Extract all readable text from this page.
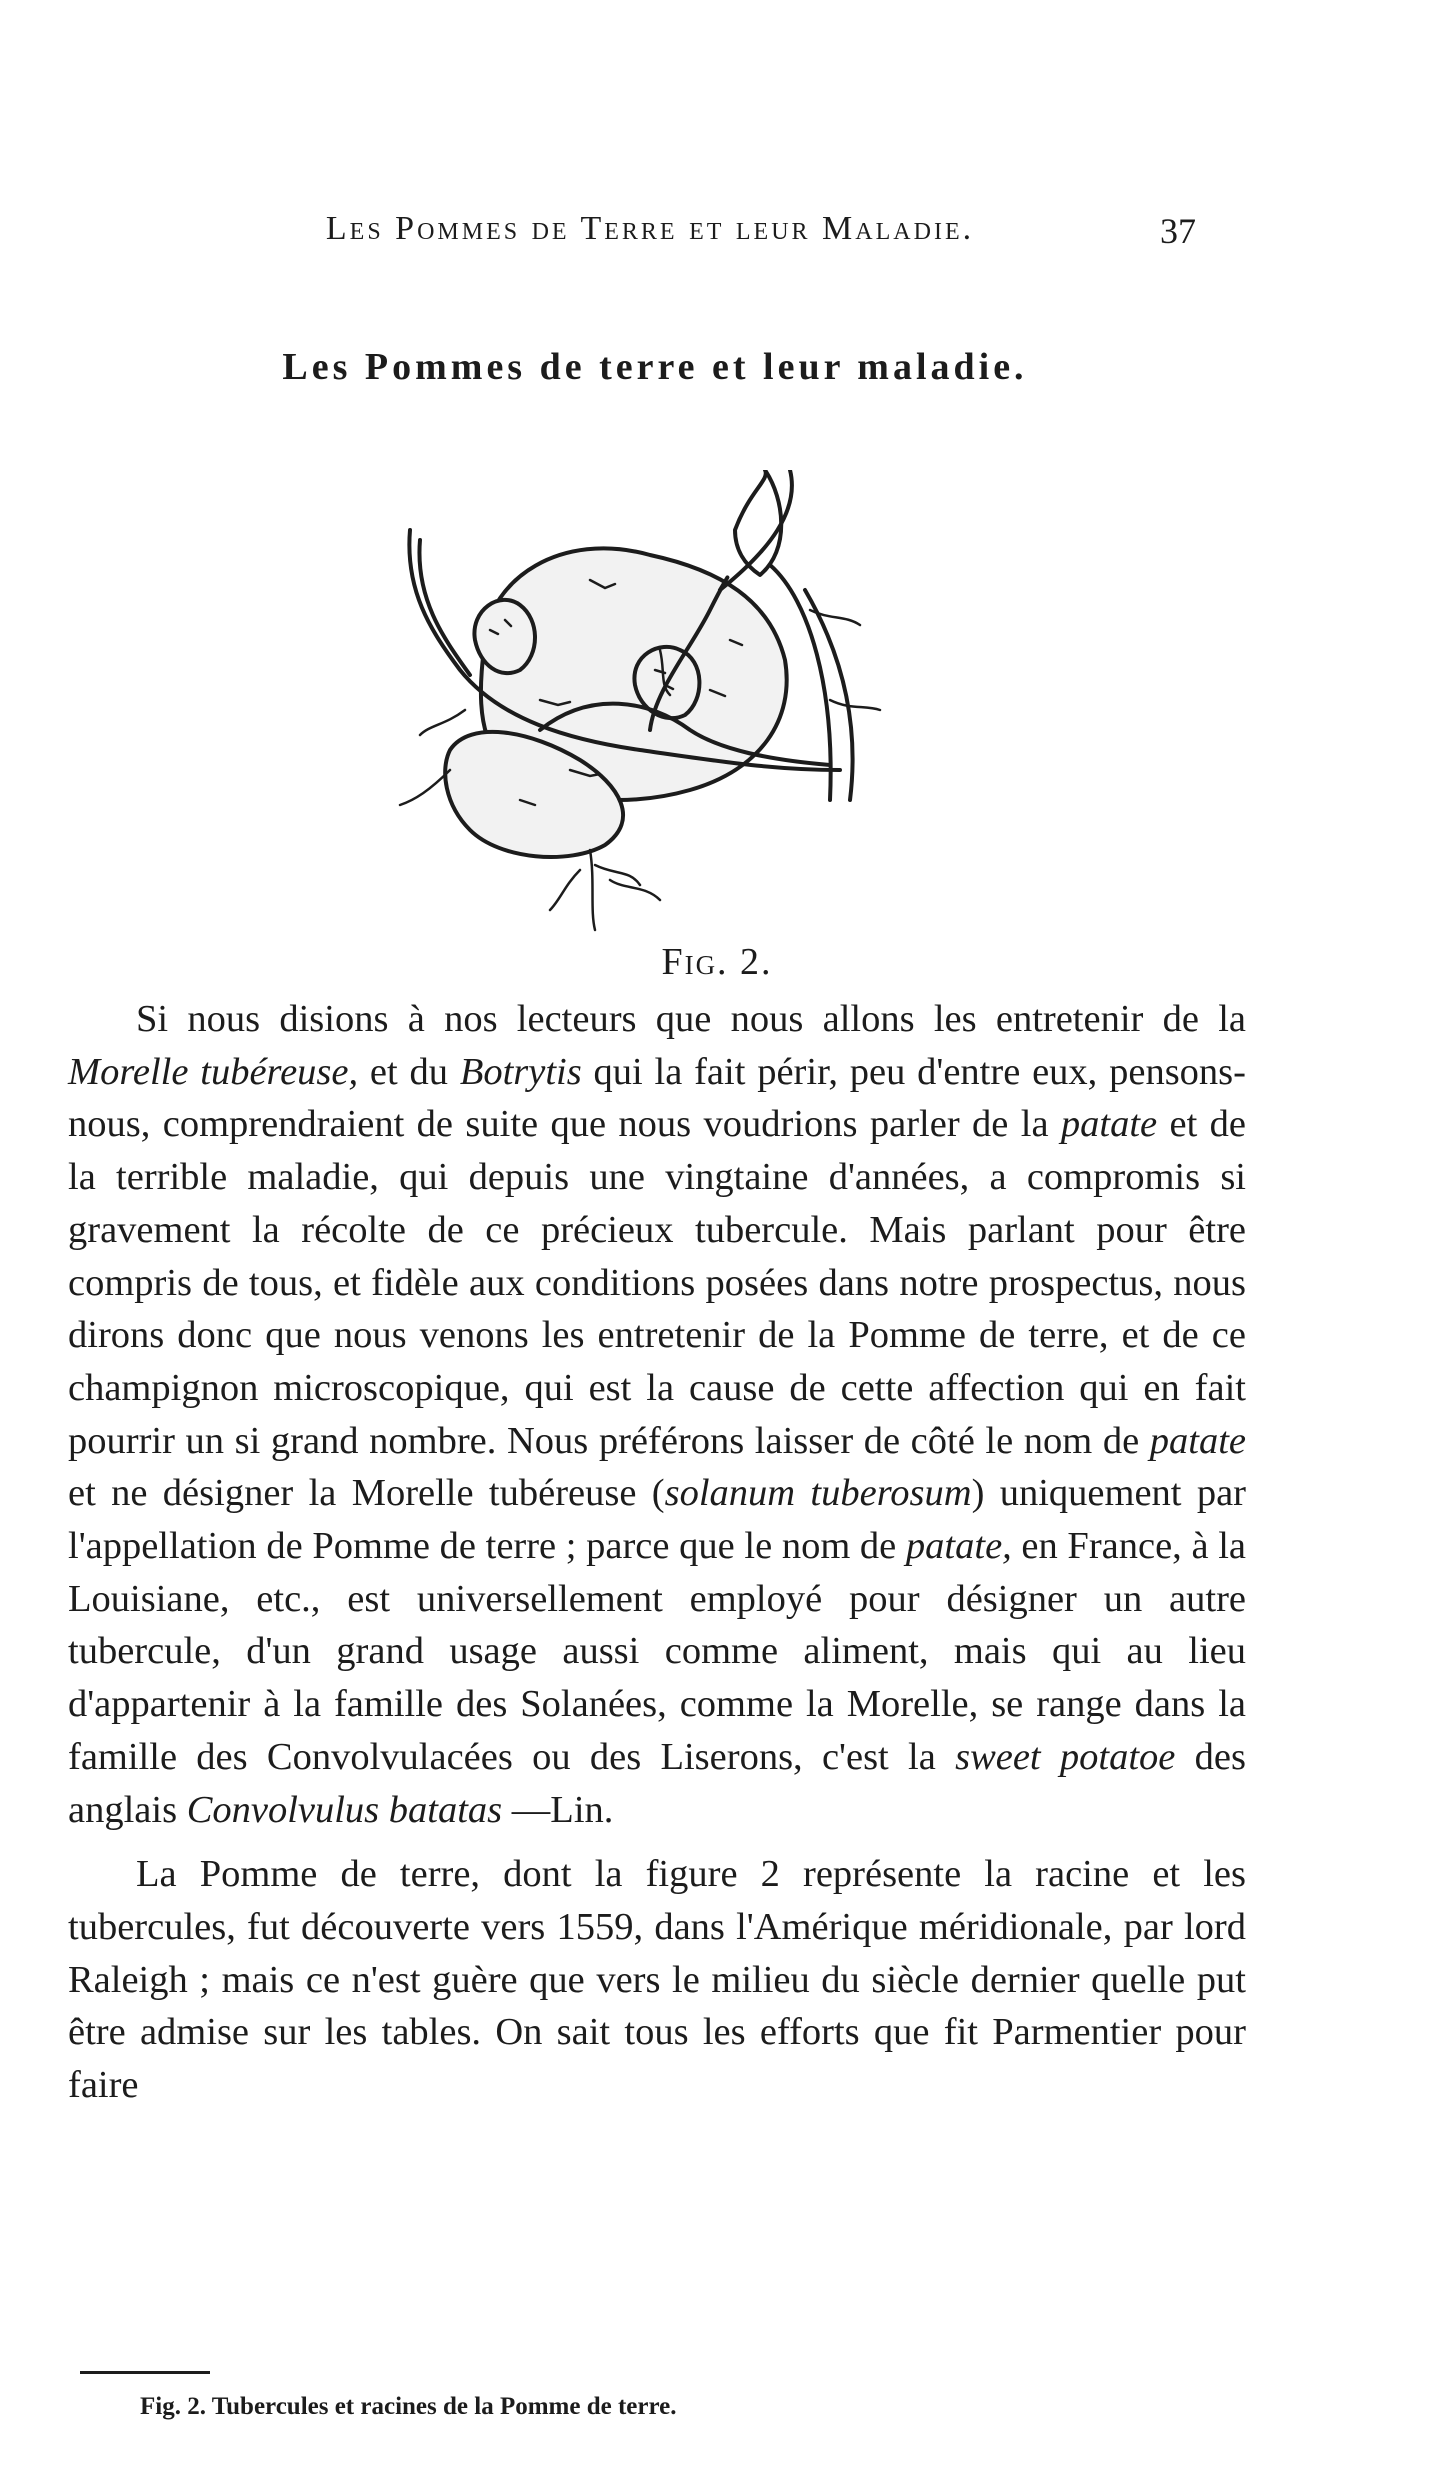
Les Pommes de Terre et leur Maladie.	37
Les Pommes de terre et leur maladie.
Fig. 2.

Si nous disions à nos lecteurs que nous allons les entretenir de la Morelle tubéreuse, et du Botrytis qui la fait périr, peu d'entre eux, pensons-nous, comprendraient de suite que nous voudrions parler de la patate et de la terrible maladie, qui depuis une vingtaine d'années, a compromis si gravement la récolte de ce précieux tubercule. Mais parlant pour être compris de tous, et fidèle aux conditions posées dans notre prospectus, nous dirons donc que nous venons les entretenir de la Pomme de terre, et de ce champignon microscopique, qui est la cause de cette affection qui en fait pourrir un si grand nombre. Nous préférons laisser de côté le nom de patate et ne désigner la Morelle tubéreuse (solanum tuberosum) uniquement par l'appellation de Pomme de terre ; parce que le nom de patate, en France, à la Louisiane, etc., est universellement employé pour désigner un autre tubercule, d'un grand usage aussi comme aliment, mais qui au lieu d'appartenir à la famille des Solanées, comme la Morelle, se range dans la famille des Convolvulacées ou des Liserons, c'est la sweet potatoe des anglais Convolvulus batatas —Lin.

La Pomme de terre, dont la figure 2 représente la racine et les tubercules, fut découverte vers 1559, dans l'Amérique méridionale, par lord Raleigh ; mais ce n'est guère que vers le milieu du siècle dernier quelle put être admise sur les tables. On sait tous les efforts que fit Parmentier pour faire

Fig. 2. Tubercules et racines de la Pomme de terre.
